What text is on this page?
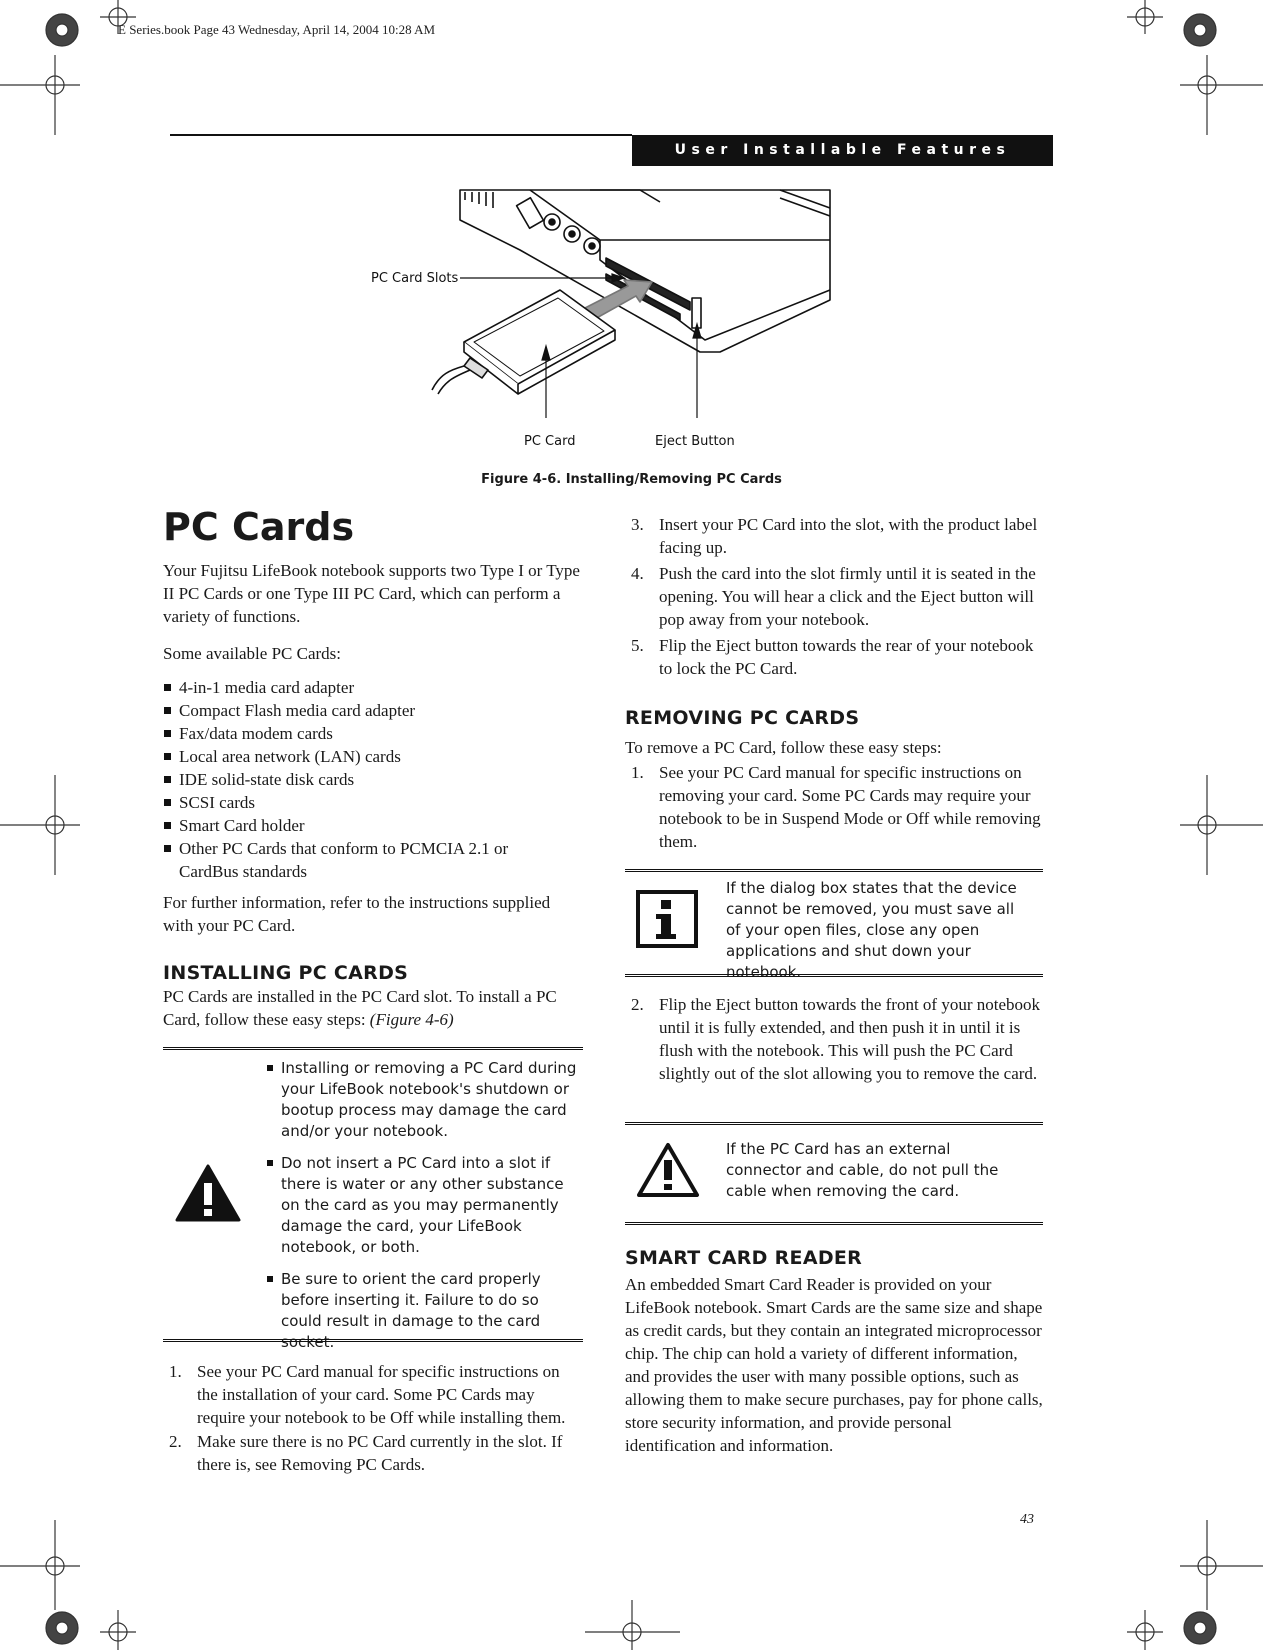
E Series.book Page 43 Wednesday, April 14, 2004 10:28 AM
User Installable Features
PC Card Slots
PC Card	Eject Button
Figure 4-6. Installing/Removing PC Cards
PC Cards
Your Fujitsu LifeBook notebook supports two Type I or Type II PC Cards or one Type III PC Card, which can perform a variety of functions.
Some available PC Cards:
4-in-1 media card adapter
Compact Flash media card adapter
Fax/data modem cards
Local area network (LAN) cards
IDE solid-state disk cards
SCSI cards
Smart Card holder
Other PC Cards that conform to PCMCIA 2.1 or CardBus standards
For further information, refer to the instructions supplied with your PC Card.
INSTALLING PC CARDS
PC Cards are installed in the PC Card slot. To install a PC Card, follow these easy steps: (Figure 4-6)
Installing or removing a PC Card during your LifeBook notebook's shutdown or bootup process may damage the card and/or your notebook.
Do not insert a PC Card into a slot if there is water or any other substance on the card as you may permanently damage the card, your LifeBook notebook, or both.
Be sure to orient the card properly before inserting it. Failure to do so could result in damage to the card socket.
1. See your PC Card manual for specific instructions on the installation of your card. Some PC Cards may require your notebook to be Off while installing them.
2. Make sure there is no PC Card currently in the slot. If there is, see Removing PC Cards.
3. Insert your PC Card into the slot, with the product label facing up.
4. Push the card into the slot firmly until it is seated in the opening. You will hear a click and the Eject button will pop away from your notebook.
5. Flip the Eject button towards the rear of your notebook to lock the PC Card.
REMOVING PC CARDS
To remove a PC Card, follow these easy steps:
1. See your PC Card manual for specific instructions on removing your card. Some PC Cards may require your notebook to be in Suspend Mode or Off while removing them.
If the dialog box states that the device cannot be removed, you must save all of your open files, close any open applications and shut down your notebook.
2. Flip the Eject button towards the front of your notebook until it is fully extended, and then push it in until it is flush with the notebook. This will push the PC Card slightly out of the slot allowing you to remove the card.
If the PC Card has an external connector and cable, do not pull the cable when removing the card.
SMART CARD READER
An embedded Smart Card Reader is provided on your LifeBook notebook. Smart Cards are the same size and shape as credit cards, but they contain an integrated microprocessor chip. The chip can hold a variety of different information, and provides the user with many possible options, such as allowing them to make secure purchases, pay for phone calls, store security information, and provide personal identification and information.
43
